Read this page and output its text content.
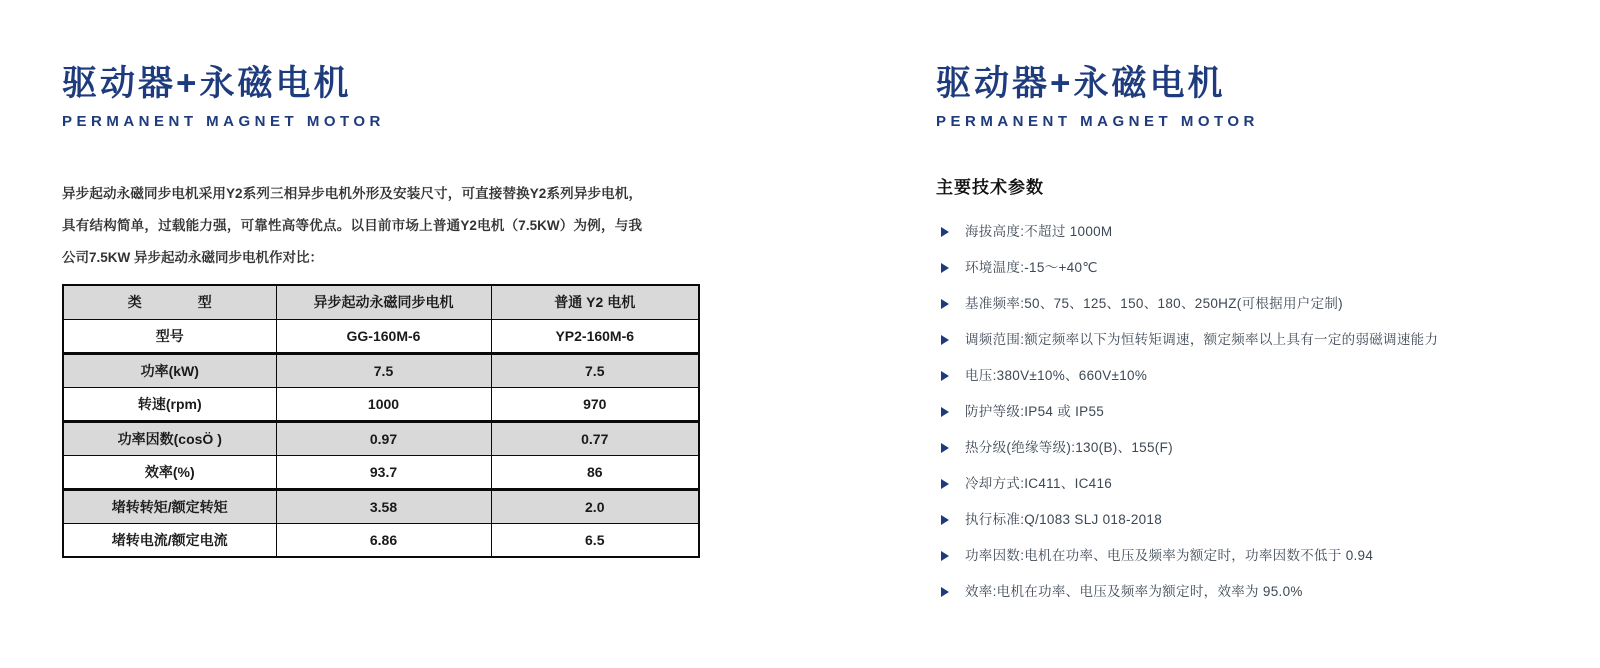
驱动器+永磁电机
PERMANENT MAGNET MOTOR

异步起动永磁同步电机采用Y2系列三相异步电机外形及安装尺寸，可直接替换Y2系列异步电机，具有结构简单，过载能力强，可靠性高等优点。以目前市场上普通Y2电机（7.5KW）为例，与我公司7.5KW 异步起动永磁同步电机作对比：

类　　　　型	异步起动永磁同步电机	普通 Y2 电机
型号	GG-160M-6	YP2-160M-6
功率(kW)	7.5	7.5
转速(rpm)	1000	970
功率因数(cosÖ )	0.97	0.77
效率(%)	93.7	86
堵转转矩/额定转矩	3.58	2.0
堵转电流/额定电流	6.86	6.5
驱动器+永磁电机
PERMANENT MAGNET MOTOR
主要技术参数
海拔高度:不超过 1000M
环境温度:-15～+40℃
基准频率:50、75、125、150、180、250HZ(可根据用户定制)
调频范围:额定频率以下为恒转矩调速，额定频率以上具有一定的弱磁调速能力
电压:380V±10%、660V±10%
防护等级:IP54 或 IP55
热分级(绝缘等级):130(B)、155(F)
冷却方式:IC411、IC416
执行标准:Q/1083 SLJ 018-2018
功率因数:电机在功率、电压及频率为额定时，功率因数不低于 0.94
效率:电机在功率、电压及频率为额定时，效率为 95.0%
